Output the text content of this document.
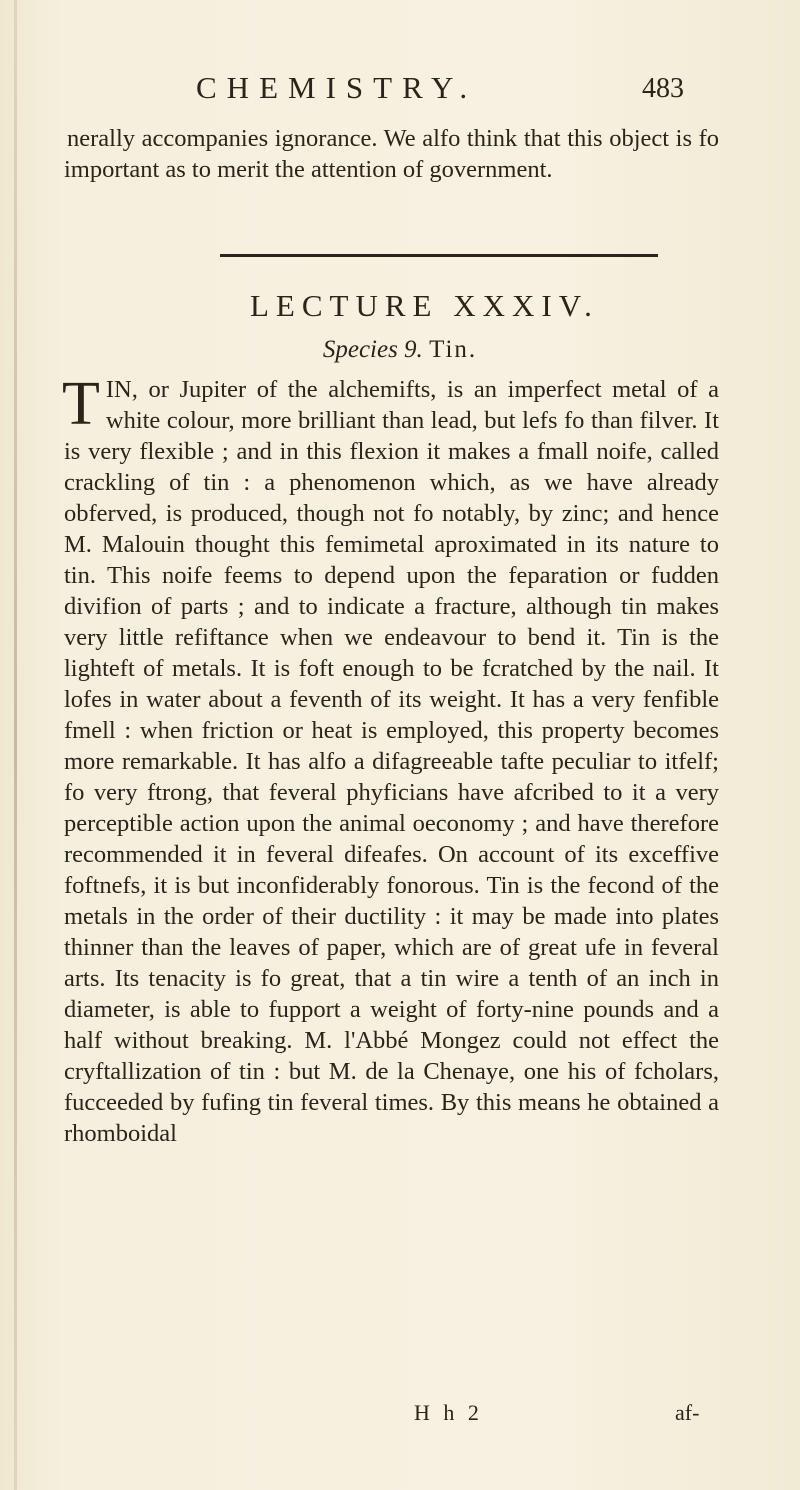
CHEMISTRY.	483

nerally accompanies ignorance. We alfo think that this object is fo important as to merit the attention of government.

LECTURE XXXIV.
Species 9. Tin.

TIN, or Jupiter of the alchemifts, is an imperfect metal of a white colour, more brilliant than lead, but lefs fo than filver. It is very flexible ; and in this flexion it makes a fmall noife, called crackling of tin : a phenomenon which, as we have already obferved, is produced, though not fo notably, by zinc; and hence M. Malouin thought this femimetal aproximated in its nature to tin. This noife feems to depend upon the feparation or fudden divifion of parts ; and to indicate a fracture, although tin makes very little refiftance when we endeavour to bend it. Tin is the lighteft of metals. It is foft enough to be fcratched by the nail. It lofes in water about a feventh of its weight. It has a very fenfible fmell : when friction or heat is employed, this property becomes more remarkable. It has alfo a difagreeable tafte peculiar to itfelf; fo very ftrong, that feveral phyficians have afcribed to it a very perceptible action upon the animal oeconomy ; and have therefore recommended it in feveral difeafes. On account of its exceffive foftnefs, it is but inconfiderably fonorous. Tin is the fecond of the metals in the order of their ductility : it may be made into plates thinner than the leaves of paper, which are of great ufe in feveral arts. Its tenacity is fo great, that a tin wire a tenth of an inch in diameter, is able to fupport a weight of forty-nine pounds and a half without breaking. M. l'Abbé Mongez could not effect the cryftallization of tin : but M. de la Chenaye, one his of fcholars, fucceeded by fufing tin feveral times. By this means he obtained a rhomboidal

H h 2	af-
